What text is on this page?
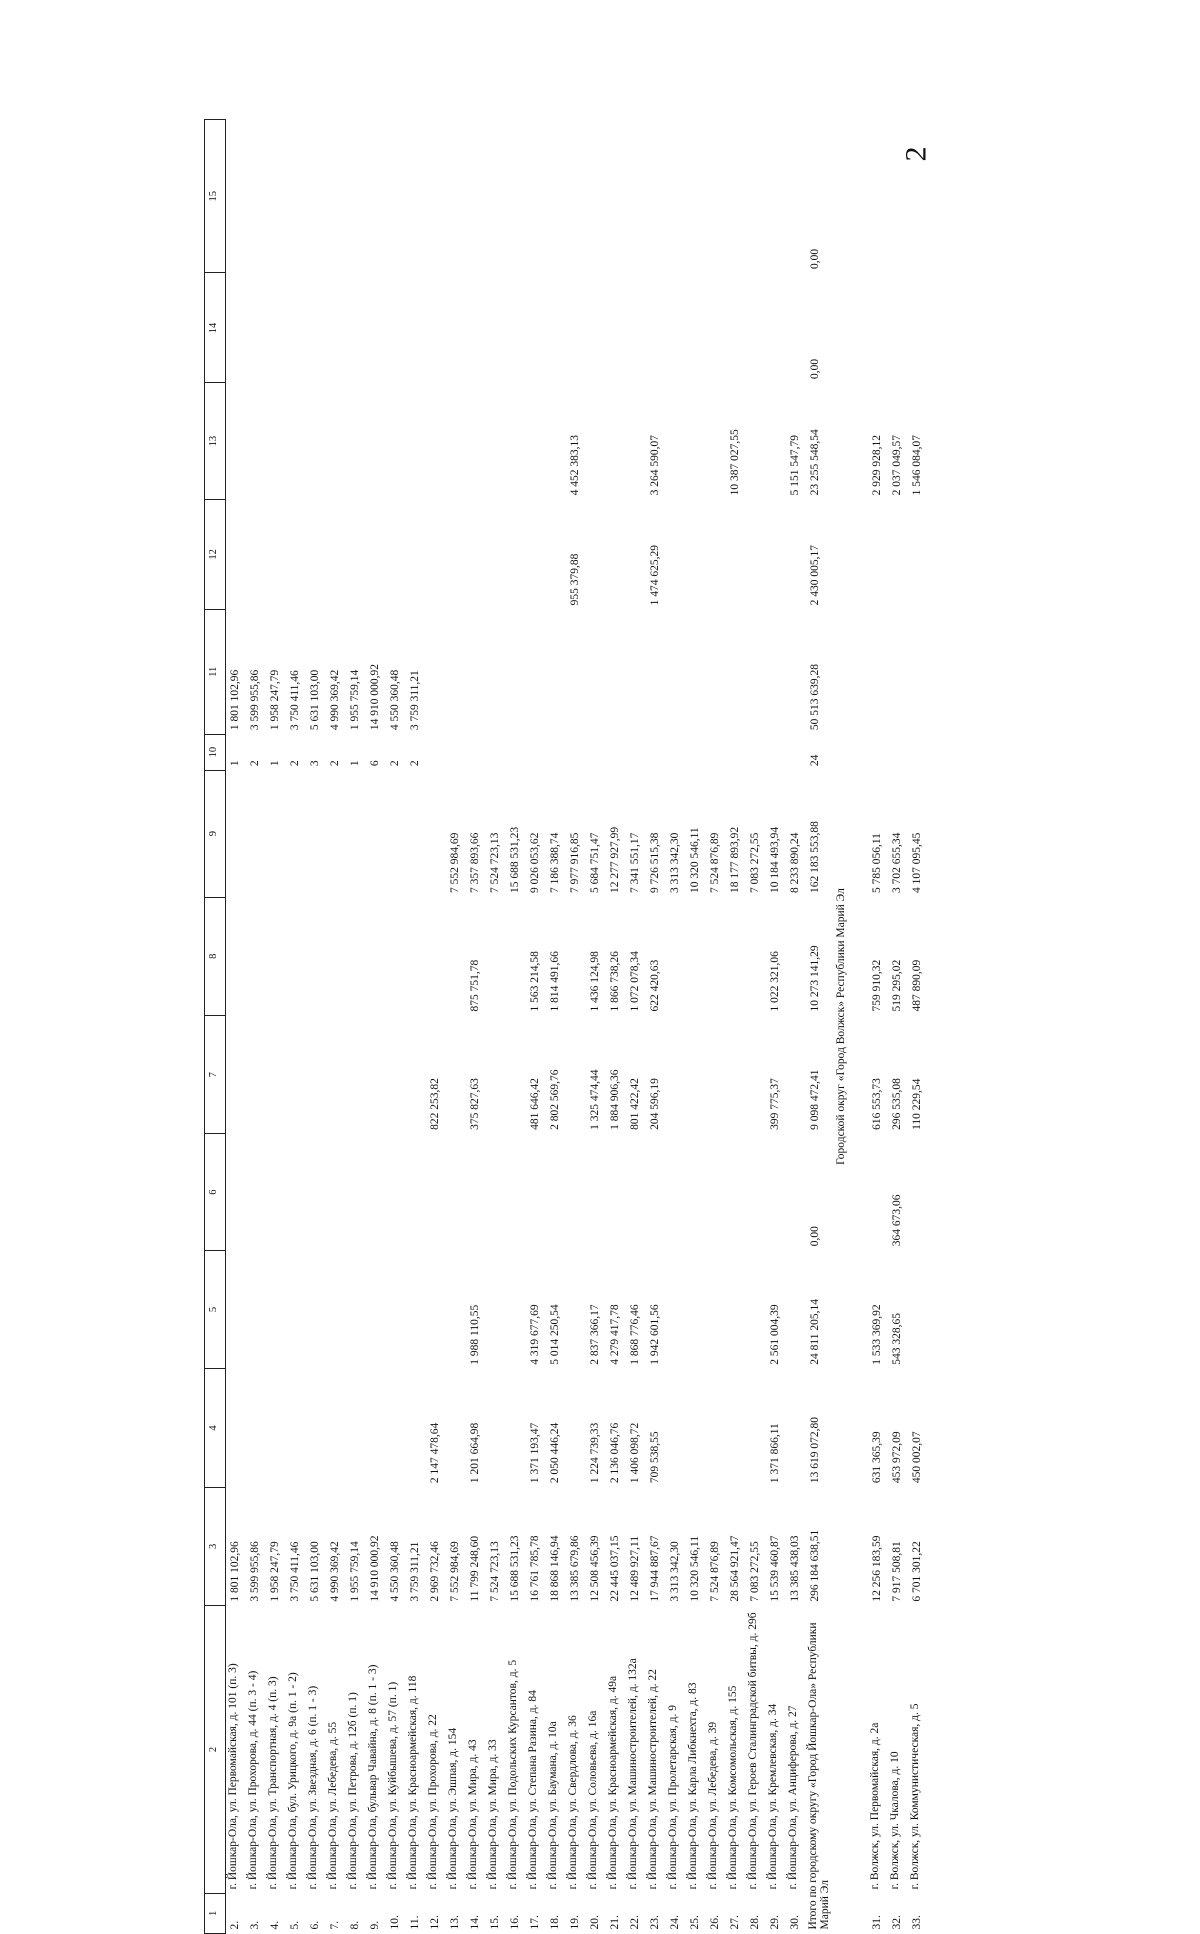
2
1	2	3	4	5	6	7	8	9	10	11	12	13	14	15
2.	г. Йошкар-Ола, ул. Первомайская, д. 101 (п. 3)	1 801 102,96							1	1 801 102,96				
3.	г. Йошкар-Ола, ул. Прохорова, д. 44 (п. 3 - 4)	3 599 955,86							2	3 599 955,86				
4.	г. Йошкар-Ола, ул. Транспортная, д. 4 (п. 3)	1 958 247,79							1	1 958 247,79				
5.	г. Йошкар-Ола, бул. Урицкого, д. 9а (п. 1 - 2)	3 750 411,46							2	3 750 411,46				
6.	г. Йошкар-Ола, ул. Звездная, д. 6 (п. 1 - 3)	5 631 103,00							3	5 631 103,00				
7.	г. Йошкар-Ола, ул. Лебедева, д. 55	4 990 369,42							2	4 990 369,42				
8.	г. Йошкар-Ола, ул. Петрова, д. 12б (п. 1)	1 955 759,14							1	1 955 759,14				
9.	г. Йошкар-Ола, бульвар Чавайна, д. 8 (п. 1 - 3)	14 910 000,92							6	14 910 000,92				
10.	г. Йошкар-Ола, ул. Куйбышева, д. 57 (п. 1)	4 550 360,48							2	4 550 360,48				
11.	г. Йошкар-Ола, ул. Красноармейская, д. 118	3 759 311,21							2	3 759 311,21				
12.	г. Йошкар-Ола, ул. Прохорова, д. 22	2 969 732,46	2 147 478,64			822 253,82								
13.	г. Йошкар-Ола, ул. Эшпая, д. 154	7 552 984,69						7 552 984,69						
14.	г. Йошкар-Ола, ул. Мира, д. 43	11 799 248,60	1 201 664,98	1 988 110,55		375 827,63	875 751,78	7 357 893,66						
15.	г. Йошкар-Ола, ул. Мира, д. 33	7 524 723,13						7 524 723,13						
16.	г. Йошкар-Ола, ул. Подольских Курсантов, д. 5	15 688 531,23						15 688 531,23						
17.	г. Йошкар-Ола, ул. Степана Разина, д. 84	16 761 785,78	1 371 193,47	4 319 677,69		481 646,42	1 563 214,58	9 026 053,62						
18.	г. Йошкар-Ола, ул. Баумана, д. 10а	18 868 146,94	2 050 446,24	5 014 250,54		2 802 569,76	1 814 491,66	7 186 388,74						
19.	г. Йошкар-Ола, ул. Свердлова, д. 36	13 385 679,86						7 977 916,85			955 379,88	4 452 383,13		
20.	г. Йошкар-Ола, ул. Соловьева, д. 16а	12 508 456,39	1 224 739,33	2 837 366,17		1 325 474,44	1 436 124,98	5 684 751,47						
21.	г. Йошкар-Ола, ул. Красноармейская, д. 49а	22 445 037,15	2 136 046,76	4 279 417,78		1 884 906,36	1 866 738,26	12 277 927,99						
22.	г. Йошкар-Ола, ул. Машиностроителей, д. 132а	12 489 927,11	1 406 098,72	1 868 776,46		801 422,42	1 072 078,34	7 341 551,17						
23.	г. Йошкар-Ола, ул. Машиностроителей, д. 22	17 944 887,67	709 538,55	1 942 601,56		204 596,19	622 420,63	9 726 515,38			1 474 625,29	3 264 590,07		
24.	г. Йошкар-Ола, ул. Пролетарская, д. 9	3 313 342,30						3 313 342,30						
25.	г. Йошкар-Ола, ул. Карла Либкнехта, д. 83	10 320 546,11						10 320 546,11						
26.	г. Йошкар-Ола, ул. Лебедева, д. 39	7 524 876,89						7 524 876,89						
27.	г. Йошкар-Ола, ул. Комсомольская, д. 155	28 564 921,47						18 177 893,92				10 387 027,55		
28.	г. Йошкар-Ола, ул. Героев Сталинградской битвы, д. 29б	7 083 272,55						7 083 272,55						
29.	г. Йошкар-Ола, ул. Кремлевская, д. 34	15 539 460,87	1 371 866,11	2 561 004,39		399 775,37	1 022 321,06	10 184 493,94						
30.	г. Йошкар-Ола, ул. Анциферова, д. 27	13 385 438,03						8 233 890,24				5 151 547,79		
Итого по городскому округу «Город Йошкар-Ола» Республики Марий Эл		296 184 638,51	13 619 072,80	24 811 205,14	0,00	9 098 472,41	10 273 141,29	162 183 553,88	24	50 513 639,28	2 430 005,17	23 255 548,54	0,00	0,00
Городской округ «Город Волжск» Республики Марий Эл														

31.	г. Волжск, ул. Первомайская, д. 2а	12 256 183,59	631 365,39	1 533 369,92		616 553,73	759 910,32	5 785 056,11				2 929 928,12		
32.	г. Волжск, ул. Чкалова, д. 10	7 917 508,81	453 972,09	543 328,65	364 673,06	296 535,08	519 295,02	3 702 655,34				2 037 049,57		
33.	г. Волжск, ул. Коммунистическая, д. 5	6 701 301,22	450 002,07			110 229,54	487 890,09	4 107 095,45				1 546 084,07		
